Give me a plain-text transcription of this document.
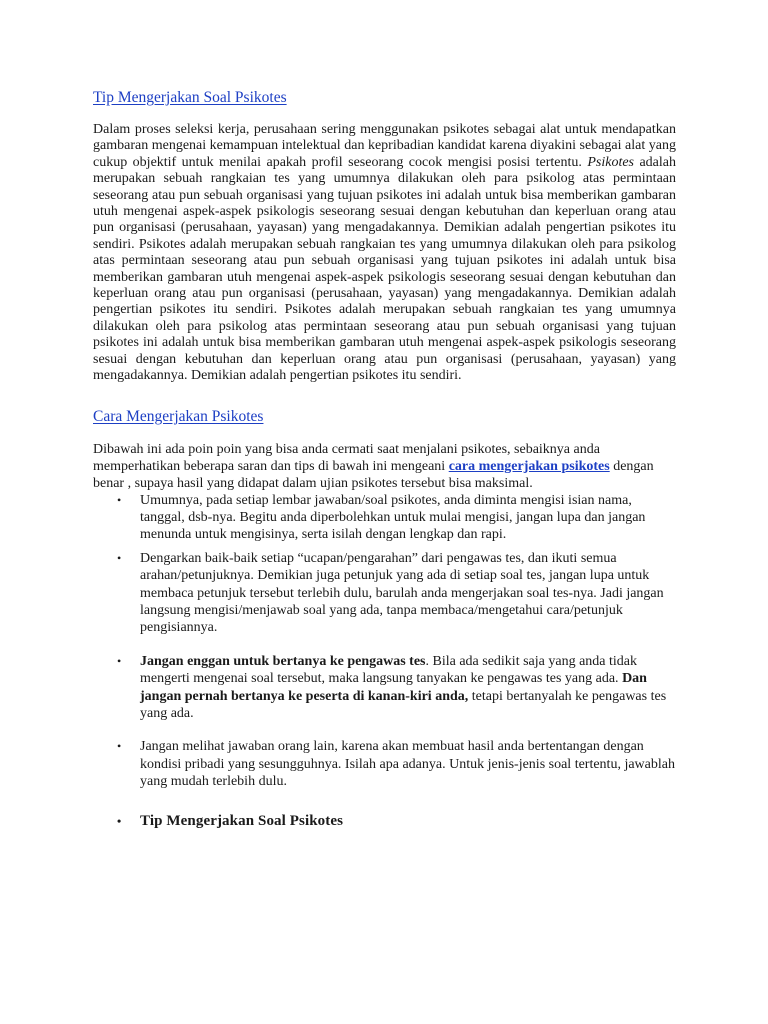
Tip Mengerjakan Soal Psikotes

Dalam proses seleksi kerja, perusahaan sering menggunakan psikotes sebagai alat untuk mendapatkan gambaran mengenai kemampuan intelektual dan kepribadian kandidat karena diyakini sebagai alat yang cukup objektif untuk menilai apakah profil seseorang cocok mengisi posisi tertentu. Psikotes adalah merupakan sebuah rangkaian tes yang umumnya dilakukan oleh para psikolog atas permintaan seseorang atau pun sebuah organisasi yang tujuan psikotes ini adalah untuk bisa memberikan gambaran utuh mengenai aspek-aspek psikologis seseorang sesuai dengan kebutuhan dan keperluan orang atau pun organisasi (perusahaan, yayasan) yang mengadakannya. Demikian adalah pengertian psikotes itu sendiri. Psikotes adalah merupakan sebuah rangkaian tes yang umumnya dilakukan oleh para psikolog atas permintaan seseorang atau pun sebuah organisasi yang tujuan psikotes ini adalah untuk bisa memberikan gambaran utuh mengenai aspek-aspek psikologis seseorang sesuai dengan kebutuhan dan keperluan orang atau pun organisasi (perusahaan, yayasan) yang mengadakannya. Demikian adalah pengertian psikotes itu sendiri. Psikotes adalah merupakan sebuah rangkaian tes yang umumnya dilakukan oleh para psikolog atas permintaan seseorang atau pun sebuah organisasi yang tujuan psikotes ini adalah untuk bisa memberikan gambaran utuh mengenai aspek-aspek psikologis seseorang sesuai dengan kebutuhan dan keperluan orang atau pun organisasi (perusahaan, yayasan) yang mengadakannya. Demikian adalah pengertian psikotes itu sendiri.

Cara Mengerjakan Psikotes

Dibawah ini ada poin poin yang bisa anda cermati saat menjalani psikotes, sebaiknya anda memperhatikan beberapa saran dan tips di bawah ini mengeani cara mengerjakan psikotes dengan benar , supaya hasil yang didapat dalam ujian psikotes tersebut bisa maksimal.

• Umumnya, pada setiap lembar jawaban/soal psikotes, anda diminta mengisi isian nama, tanggal, dsb-nya. Begitu anda diperbolehkan untuk mulai mengisi, jangan lupa dan jangan menunda untuk mengisinya, serta isilah dengan lengkap dan rapi.
• Dengarkan baik-baik setiap “ucapan/pengarahan” dari pengawas tes, dan ikuti semua arahan/petunjuknya. Demikian juga petunjuk yang ada di setiap soal tes, jangan lupa untuk membaca petunjuk tersebut terlebih dulu, barulah anda mengerjakan soal tes-nya. Jadi jangan langsung mengisi/menjawab soal yang ada, tanpa membaca/mengetahui cara/petunjuk pengisiannya.
• Jangan enggan untuk bertanya ke pengawas tes. Bila ada sedikit saja yang anda tidak mengerti mengenai soal tersebut, maka langsung tanyakan ke pengawas tes yang ada. Dan jangan pernah bertanya ke peserta di kanan-kiri anda, tetapi bertanyalah ke pengawas tes yang ada.
• Jangan melihat jawaban orang lain, karena akan membuat hasil anda bertentangan dengan kondisi pribadi yang sesungguhnya. Isilah apa adanya. Untuk jenis-jenis soal tertentu, jawablah yang mudah terlebih dulu.
• Tip Mengerjakan Soal Psikotes
